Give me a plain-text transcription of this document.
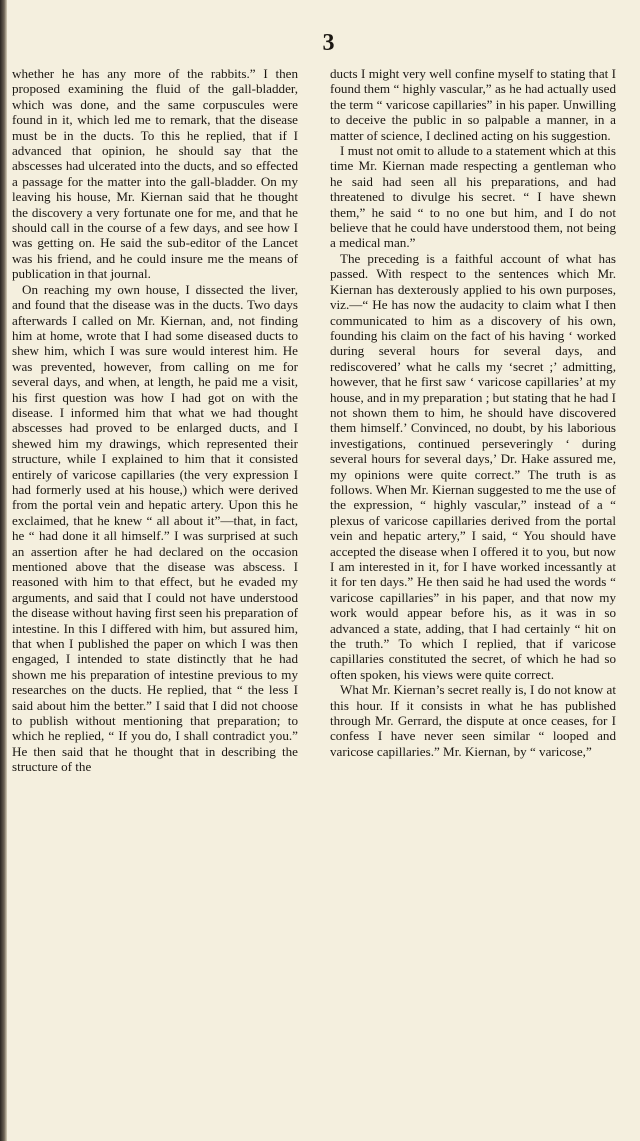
3

whether he has any more of the rabbits.” I then proposed examining the fluid of the gall-bladder, which was done, and the same corpuscules were found in it, which led me to remark, that the disease must be in the ducts. To this he replied, that if I advanced that opinion, he should say that the abscesses had ulcerated into the ducts, and so effected a passage for the matter into the gall-bladder. On my leaving his house, Mr. Kiernan said that he thought the discovery a very fortunate one for me, and that he should call in the course of a few days, and see how I was getting on. He said the sub-editor of the Lancet was his friend, and he could insure me the means of publication in that journal.

On reaching my own house, I dissected the liver, and found that the disease was in the ducts. Two days afterwards I called on Mr. Kiernan, and, not finding him at home, wrote that I had some diseased ducts to shew him, which I was sure would interest him. He was prevented, however, from calling on me for several days, and when, at length, he paid me a visit, his first question was how I had got on with the disease. I informed him that what we had thought abscesses had proved to be enlarged ducts, and I shewed him my drawings, which represented their structure, while I explained to him that it consisted entirely of varicose capillaries (the very expression I had formerly used at his house,) which were derived from the portal vein and hepatic artery. Upon this he exclaimed, that he knew “ all about it”—that, in fact, he “ had done it all himself.” I was surprised at such an assertion after he had declared on the occasion mentioned above that the disease was abscess. I reasoned with him to that effect, but he evaded my arguments, and said that I could not have understood the disease without having first seen his preparation of intestine. In this I differed with him, but assured him, that when I published the paper on which I was then engaged, I intended to state distinctly that he had shown me his preparation of intestine previous to my researches on the ducts. He replied, that “ the less I said about him the better.” I said that I did not choose to publish without mentioning that preparation; to which he replied, “ If you do, I shall contradict you.” He then said that he thought that in describing the structure of the

ducts I might very well confine myself to stating that I found them “ highly vascular,” as he had actually used the term “ varicose capillaries” in his paper. Unwilling to deceive the public in so palpable a manner, in a matter of science, I declined acting on his suggestion.

I must not omit to allude to a statement which at this time Mr. Kiernan made respecting a gentleman who he said had seen all his preparations, and had threatened to divulge his secret. “ I have shewn them,” he said “ to no one but him, and I do not believe that he could have understood them, not being a medical man.”

The preceding is a faithful account of what has passed. With respect to the sentences which Mr. Kiernan has dexterously applied to his own purposes, viz.—“ He has now the audacity to claim what I then communicated to him as a discovery of his own, founding his claim on the fact of his having ‘ worked during several hours for several days, and rediscovered’ what he calls my ‘secret ;’ admitting, however, that he first saw ‘ varicose capillaries’ at my house, and in my preparation ; but stating that he had I not shown them to him, he should have discovered them himself.’ Convinced, no doubt, by his laborious investigations, continued perseveringly ‘ during several hours for several days,’ Dr. Hake assured me, my opinions were quite correct.” The truth is as follows. When Mr. Kiernan suggested to me the use of the expression, “ highly vascular,” instead of a “ plexus of varicose capillaries derived from the portal vein and hepatic artery,” I said, “ You should have accepted the disease when I offered it to you, but now I am interested in it, for I have worked incessantly at it for ten days.” He then said he had used the words “ varicose capillaries” in his paper, and that now my work would appear before his, as it was in so advanced a state, adding, that I had certainly “ hit on the truth.” To which I replied, that if varicose capillaries constituted the secret, of which he had so often spoken, his views were quite correct.

What Mr. Kiernan’s secret really is, I do not know at this hour. If it consists in what he has published through Mr. Gerrard, the dispute at once ceases, for I confess I have never seen similar “ looped and varicose capillaries.” Mr. Kiernan, by “ varicose,”
